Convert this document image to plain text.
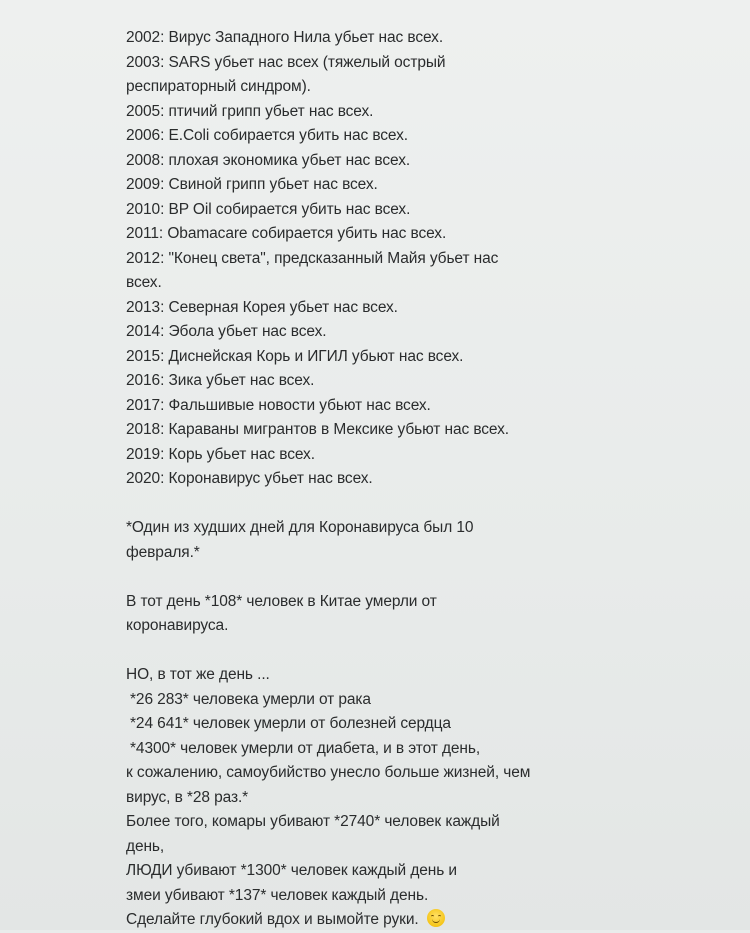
2002: Вирус Западного Нила убьет нас всех.
2003: SARS убьет нас всех (тяжелый острый
респираторный синдром).
2005: птичий грипп убьет нас всех.
2006: E.Coli собирается убить нас всех.
2008: плохая экономика убьет нас всех.
2009: Свиной грипп убьет нас всех.
2010: BP Oil собирается убить нас всех.
2011: Obamacare собирается убить нас всех.
2012: "Конец света", предсказанный Майя убьет нас
всех.
2013: Северная Корея убьет нас всех.
2014: Эбола убьет нас всех.
2015: Диснейская Корь и ИГИЛ убьют нас всех.
2016: Зика убьет нас всех.
2017: Фальшивые новости убьют нас всех.
2018: Караваны мигрантов в Мексике убьют нас всех.
2019: Корь убьет нас всех.
2020: Коронавирус убьет нас всех.
*Один из худших дней для Коронавируса был 10
февраля.*
В тот день *108* человек в Китае умерли от
коронавируса.
НО, в тот же день ...
*26 283* человека умерли от рака
*24 641* человек умерли от болезней сердца
*4300* человек умерли от диабета, и в этот день,
к сожалению, самоубийство унесло больше жизней, чем
вирус, в *28 раз.*
Более того, комары убивают *2740* человек каждый
день,
ЛЮДИ убивают *1300* человек каждый день и
змеи убивают *137* человек каждый день.
Сделайте глубокий вдох и вымойте руки.
